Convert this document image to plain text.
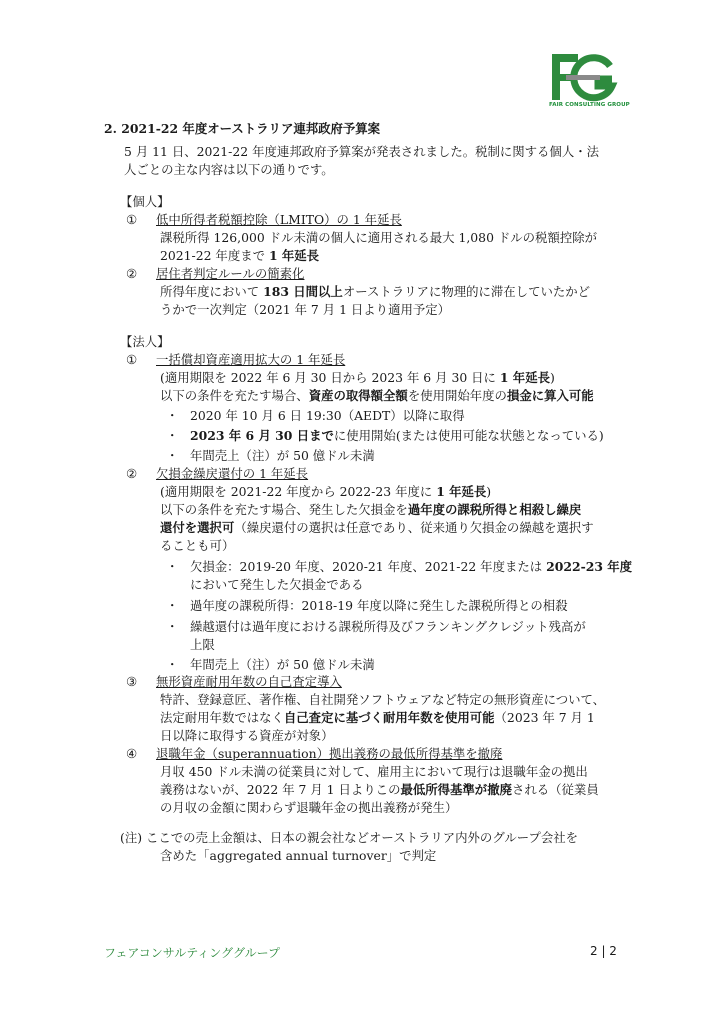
FAIR CONSULTING GROUP
2. 2021-22 年度オーストラリア連邦政府予算案
5 月 11 日、2021-22 年度連邦政府予算案が発表されました。税制に関する個人・法
人ごとの主な内容は以下の通りです。
【個人】
① 低中所得者税額控除（LMITO）の 1 年延長
課税所得 126,000 ドル未満の個人に適用される最大 1,080 ドルの税額控除が
2021-22 年度まで 1 年延長
② 居住者判定ルールの簡素化
所得年度において 183 日間以上オーストラリアに物理的に滞在していたかど
うかで一次判定（2021 年 7 月 1 日より適用予定）
【法人】
① 一括償却資産適用拡大の 1 年延長
(適用期限を 2022 年 6 月 30 日から 2023 年 6 月 30 日に 1 年延長)
以下の条件を充たす場合、資産の取得額全額を使用開始年度の損金に算入可能
・ 2020 年 10 月 6 日 19:30（AEDT）以降に取得
・ 2023 年 6 月 30 日までに使用開始(または使用可能な状態となっている)
・ 年間売上（注）が 50 億ドル未満
② 欠損金繰戻還付の 1 年延長
(適用期限を 2021-22 年度から 2022-23 年度に 1 年延長)
以下の条件を充たす場合、発生した欠損金を過年度の課税所得と相殺し繰戻
還付を選択可（繰戻還付の選択は任意であり、従来通り欠損金の繰越を選択す
ることも可）
・ 欠損金：2019-20 年度、2020-21 年度、2021-22 年度または 2022-23 年度
において発生した欠損金である
・ 過年度の課税所得：2018-19 年度以降に発生した課税所得との相殺
・ 繰越還付は過年度における課税所得及びフランキングクレジット残高が
上限
・ 年間売上（注）が 50 億ドル未満
③ 無形資産耐用年数の自己査定導入
特許、登録意匠、著作権、自社開発ソフトウェアなど特定の無形資産について、
法定耐用年数ではなく自己査定に基づく耐用年数を使用可能（2023 年 7 月 1
日以降に取得する資産が対象）
④ 退職年金（superannuation）拠出義務の最低所得基準を撤廃
月収 450 ドル未満の従業員に対して、雇用主において現行は退職年金の拠出
義務はないが、2022 年 7 月 1 日よりこの最低所得基準が撤廃される（従業員
の月収の金額に関わらず退職年金の拠出義務が発生）
(注) ここでの売上金額は、日本の親会社などオーストラリア内外のグループ会社を
含めた「aggregated annual turnover」で判定
フェアコンサルティンググループ	2 | 2
